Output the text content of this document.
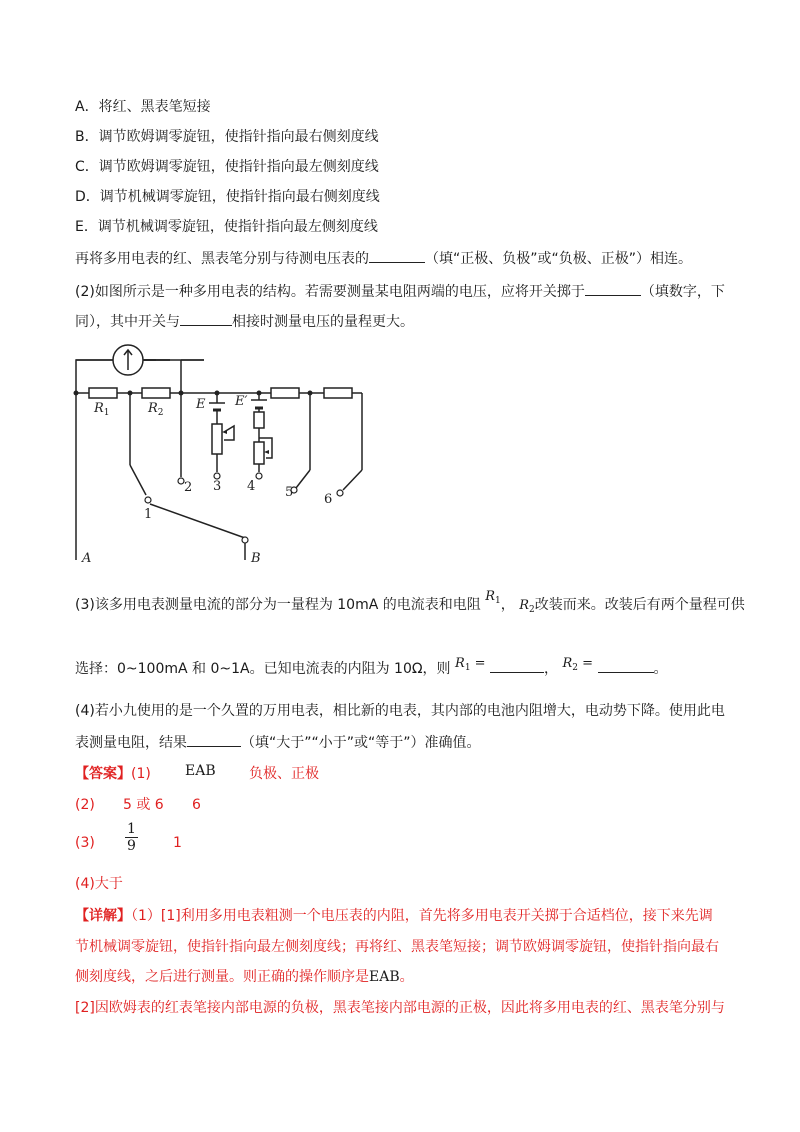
A．将红、黑表笔短接
B．调节欧姆调零旋钮，使指针指向最右侧刻度线
C．调节欧姆调零旋钮，使指针指向最左侧刻度线
D．调节机械调零旋钮，使指针指向最右侧刻度线
E．调节机械调零旋钮，使指针指向最左侧刻度线
再将多用电表的红、黑表笔分别与待测电压表的	（填“正极、负极”或“负极、正极”）相连。
(2)如图所示是一种多用电表的结构。若需要测量某电阻两端的电压，应将开关掷于	（填数字，下
同），其中开关与	相接时测量电压的量程更大。
$R_1$	$R_2$
E E′
A	B
1
2 3 4 5 6
(3)该多用电表测量电流的部分为一量程为 10mA 的电流表和电阻 $R_1$， $R_2$改装而来。改装后有两个量程可供
选择：0~100mA 和 0~1A。已知电流表的内阻为 10Ω，则 $R_1$ =	， $R_2$ =	。
(4)若小九使用的是一个久置的万用电表，相比新的电表，其内部的电池内阻增大，电动势下降。使用此电
表测量电阻，结果	（填“大于”“小于”或“等于”）准确值。
【答案】(1) EAB 负极、正极
(2) 5 或 6 6
$(3) \frac{1}{9}$	1
(4)大于
【详解】（1）[1]利用多用电表粗测一个电压表的内阻，首先将多用电表开关掷于合适档位，接下来先调
节机械调零旋钮，使指针指向最左侧刻度线；再将红、黑表笔短接；调节欧姆调零旋钮，使指针指向最右
侧刻度线，之后进行测量。则正确的操作顺序是EAB。
[2]因欧姆表的红表笔接内部电源的负极，黑表笔接内部电源的正极，因此将多用电表的红、黑表笔分别与
